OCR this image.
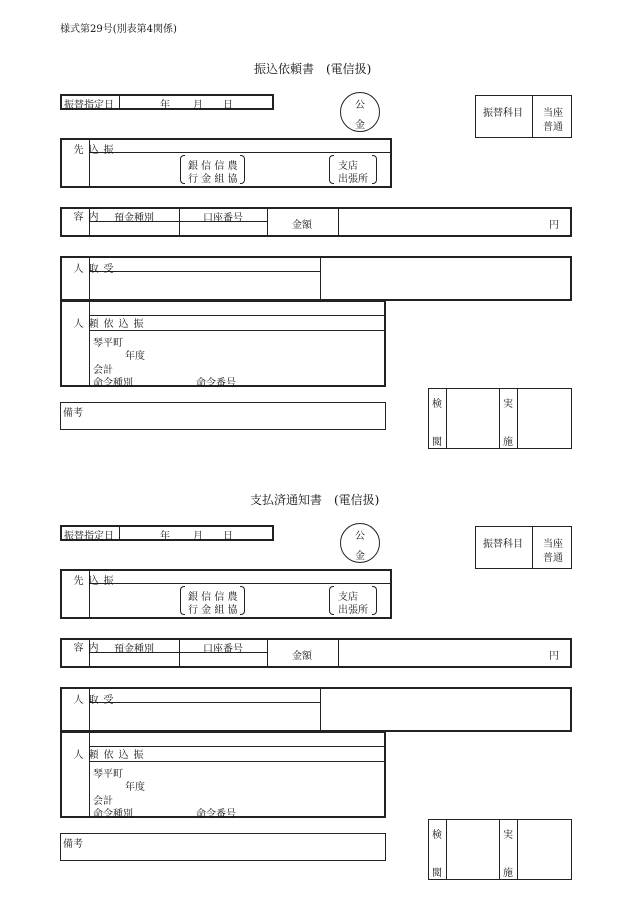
様式第29号(別表第4関係)
振込依頼書　(電信扱)
振替指定日	年 月 日	公
金
振替科目 当座
普通
振込先
銀 信 信 農
行 金 組 協
支店
出張所
内容	預金種別	口座番号
金額	円
受取人
振込依頼人
琴平町
年度
会計
命令種別	命令番号
備考
検
閲
実
施
支払済通知書　(電信扱)
振替指定日	年 月 日	公
金
振替科目 当座
普通
振込先
銀 信 信 農
行 金 組 協
支店
出張所
内容	預金種別	口座番号
金額	円
受取人
振込依頼人
琴平町
年度
会計
命令種別	命令番号
備考
検
閲
実
施
